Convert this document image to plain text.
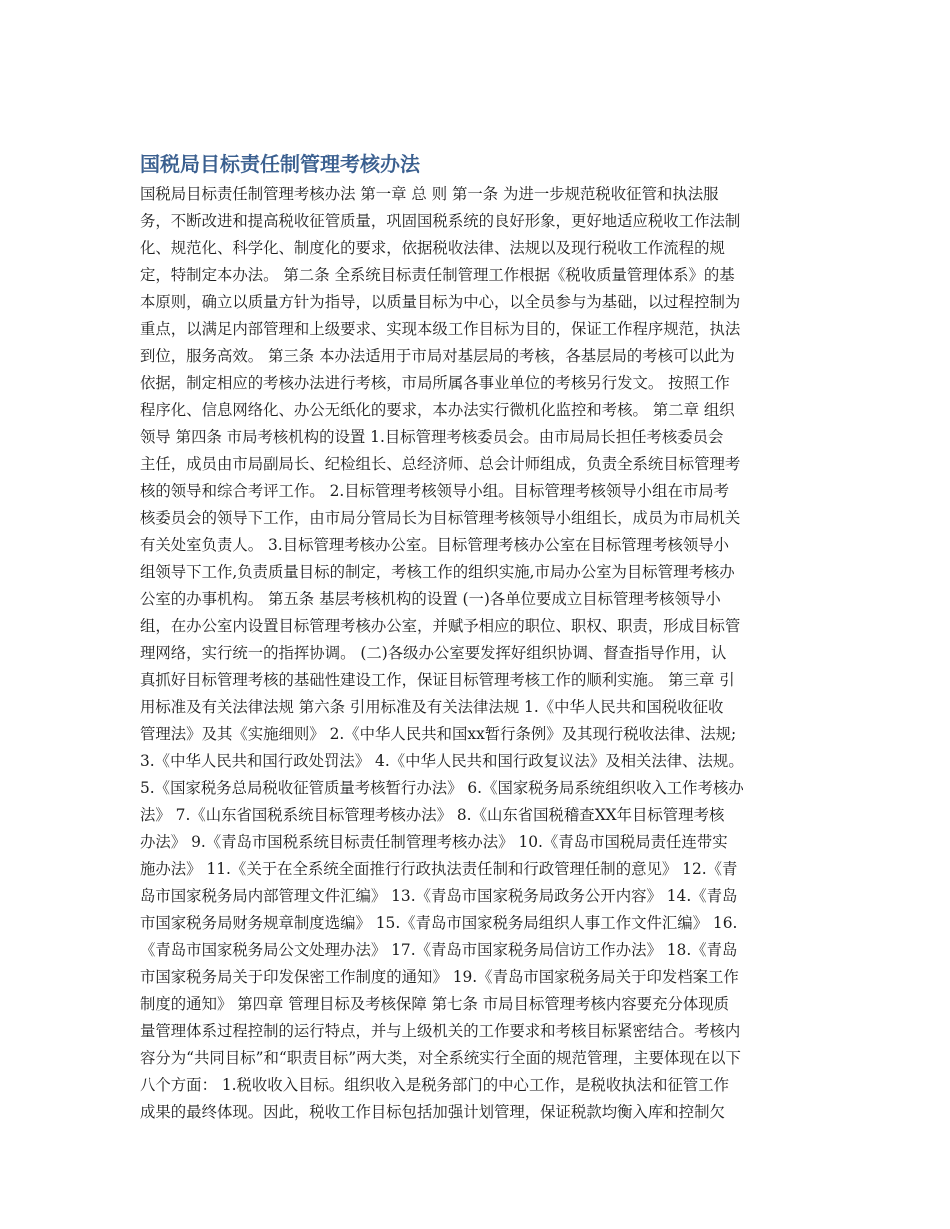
国税局目标责任制管理考核办法
国税局目标责任制管理考核办法 第一章 总 则 第一条 为进一步规范税收征管和执法服
务，不断改进和提高税收征管质量，巩固国税系统的良好形象，更好地适应税收工作法制
化、规范化、科学化、制度化的要求，依据税收法律、法规以及现行税收工作流程的规
定，特制定本办法。 第二条 全系统目标责任制管理工作根据《税收质量管理体系》的基
本原则，确立以质量方针为指导，以质量目标为中心，以全员参与为基础，以过程控制为
重点，以满足内部管理和上级要求、实现本级工作目标为目的，保证工作程序规范，执法
到位，服务高效。 第三条 本办法适用于市局对基层局的考核，各基层局的考核可以此为
依据，制定相应的考核办法进行考核，市局所属各事业单位的考核另行发文。 按照工作
程序化、信息网络化、办公无纸化的要求，本办法实行微机化监控和考核。 第二章 组织
领导 第四条 市局考核机构的设置 1.目标管理考核委员会。由市局局长担任考核委员会
主任，成员由市局副局长、纪检组长、总经济师、总会计师组成，负责全系统目标管理考
核的领导和综合考评工作。 2.目标管理考核领导小组。目标管理考核领导小组在市局考
核委员会的领导下工作，由市局分管局长为目标管理考核领导小组组长，成员为市局机关
有关处室负责人。 3.目标管理考核办公室。目标管理考核办公室在目标管理考核领导小
组领导下工作,负责质量目标的制定，考核工作的组织实施,市局办公室为目标管理考核办
公室的办事机构。 第五条 基层考核机构的设置 (一)各单位要成立目标管理考核领导小
组，在办公室内设置目标管理考核办公室，并赋予相应的职位、职权、职责，形成目标管
理网络，实行统一的指挥协调。 (二)各级办公室要发挥好组织协调、督查指导作用，认
真抓好目标管理考核的基础性建设工作，保证目标管理考核工作的顺利实施。 第三章 引
用标准及有关法律法规 第六条 引用标准及有关法律法规 1.《中华人民共和国税收征收
管理法》及其《实施细则》 2.《中华人民共和国xx暂行条例》及其现行税收法律、法规;
3.《中华人民共和国行政处罚法》 4.《中华人民共和国行政复议法》及相关法律、法规。
5.《国家税务总局税收征管质量考核暂行办法》 6.《国家税务局系统组织收入工作考核办
法》 7.《山东省国税系统目标管理考核办法》 8.《山东省国税稽查XX年目标管理考核
办法》 9.《青岛市国税系统目标责任制管理考核办法》 10.《青岛市国税局责任连带实
施办法》 11.《关于在全系统全面推行行政执法责任制和行政管理任制的意见》 12.《青
岛市国家税务局内部管理文件汇编》 13.《青岛市国家税务局政务公开内容》 14.《青岛
市国家税务局财务规章制度选编》 15.《青岛市国家税务局组织人事工作文件汇编》 16.
《青岛市国家税务局公文处理办法》 17.《青岛市国家税务局信访工作办法》 18.《青岛
市国家税务局关于印发保密工作制度的通知》 19.《青岛市国家税务局关于印发档案工作
制度的通知》 第四章 管理目标及考核保障 第七条 市局目标管理考核内容要充分体现质
量管理体系过程控制的运行特点，并与上级机关的工作要求和考核目标紧密结合。考核内
容分为“共同目标”和“职责目标”两大类，对全系统实行全面的规范管理，主要体现在以下
八个方面： 1.税收收入目标。组织收入是税务部门的中心工作，是税收执法和征管工作
成果的最终体现。因此，税收工作目标包括加强计划管理，保证税款均衡入库和控制欠
